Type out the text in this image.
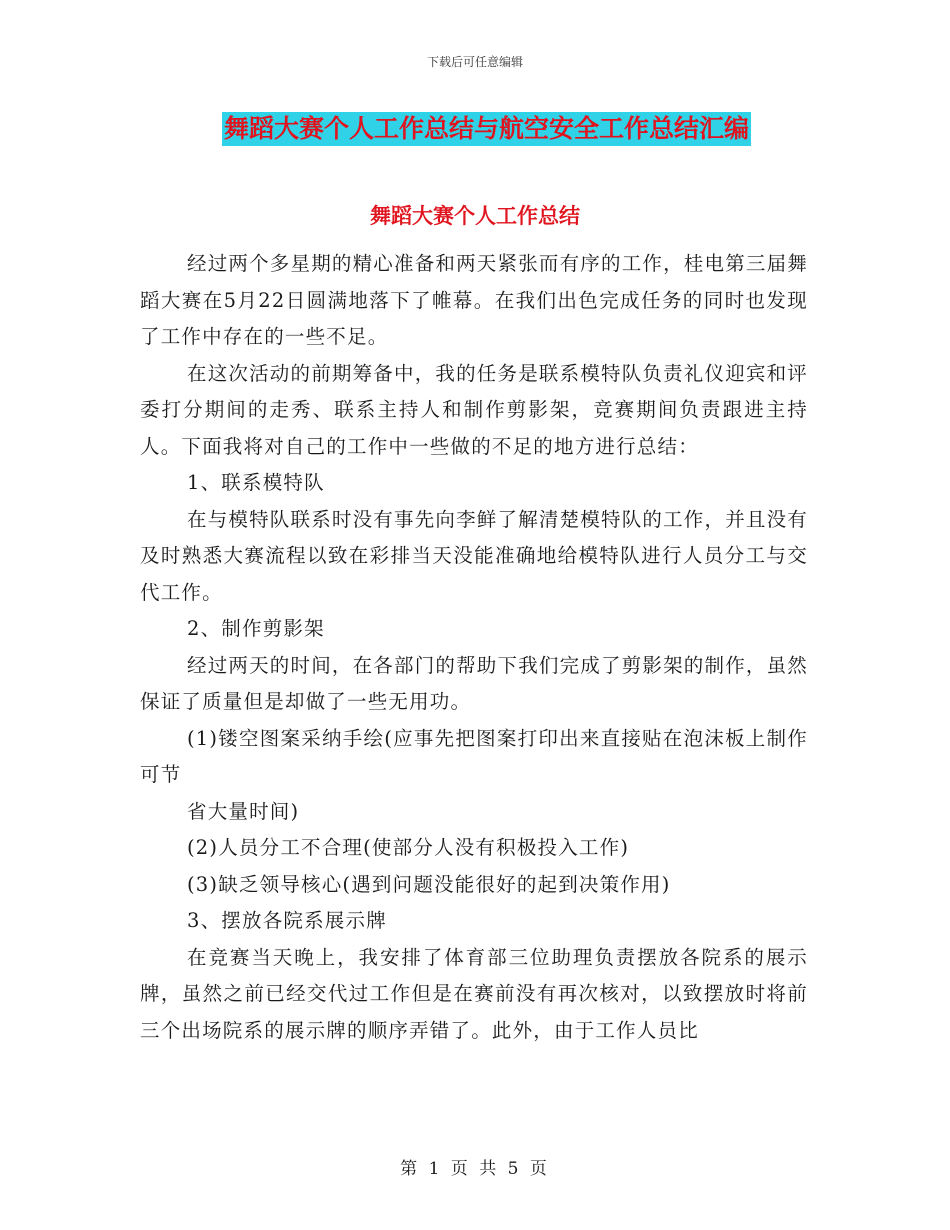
下载后可任意编辑
舞蹈大赛个人工作总结与航空安全工作总结汇编
舞蹈大赛个人工作总结

经过两个多星期的精心准备和两天紧张而有序的工作，桂电第三届舞蹈大赛在5月22日圆满地落下了帷幕。在我们出色完成任务的同时也发现了工作中存在的一些不足。

在这次活动的前期筹备中，我的任务是联系模特队负责礼仪迎宾和评委打分期间的走秀、联系主持人和制作剪影架，竞赛期间负责跟进主持人。下面我将对自己的工作中一些做的不足的地方进行总结：

1、联系模特队

在与模特队联系时没有事先向李鲜了解清楚模特队的工作，并且没有及时熟悉大赛流程以致在彩排当天没能准确地给模特队进行人员分工与交代工作。

2、制作剪影架

经过两天的时间，在各部门的帮助下我们完成了剪影架的制作，虽然保证了质量但是却做了一些无用功。

(1)镂空图案采纳手绘(应事先把图案打印出来直接贴在泡沫板上制作可节

省大量时间)

(2)人员分工不合理(使部分人没有积极投入工作)

(3)缺乏领导核心(遇到问题没能很好的起到决策作用)

3、摆放各院系展示牌

在竞赛当天晚上，我安排了体育部三位助理负责摆放各院系的展示牌，虽然之前已经交代过工作但是在赛前没有再次核对，以致摆放时将前三个出场院系的展示牌的顺序弄错了。此外，由于工作人员比

第 1 页 共 5 页
